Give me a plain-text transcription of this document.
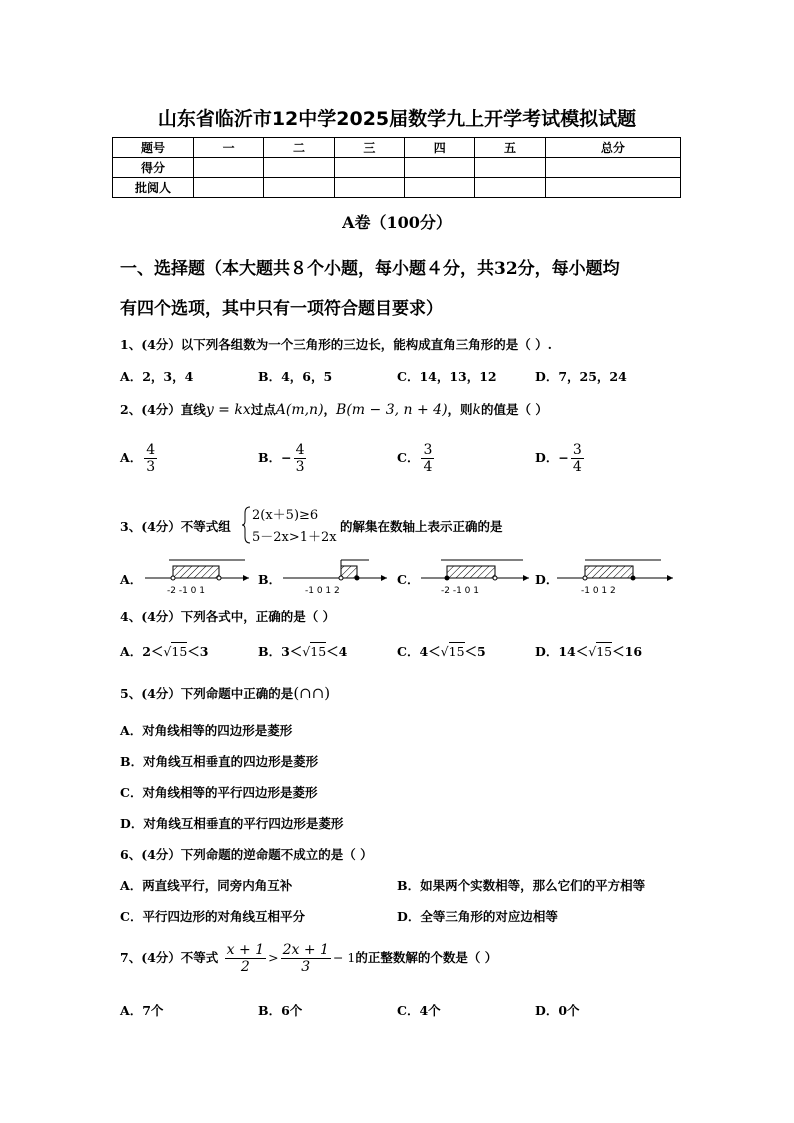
山东省临沂市12中学2025届数学九上开学考试模拟试题
题号	一	二	三	四	五	总分
得分						
批阅人						
A卷（100分）
一、选择题（本大题共８个小题，每小题４分，共32分，每小题均
有四个选项，其中只有一项符合题目要求）
1、(4分）以下列各组数为一个三角形的三边长，能构成直角三角形的是（ ）.
A．2，3，4	B．4，6，5	C．14，13，12	D．7，25，24
2、(4分）直线y = kx过点A(m,n)，B(m − 3, n + 4)，则k的值是（ ）
A． $\frac{4}{3}$	B．− $\frac{4}{3}$	C． $\frac{3}{4}$	D．− $\frac{3}{4}$
3、(4分）不等式组
2(x＋5)≥6
5－2x>1＋2x
的解集在数轴上表示正确的是
A．
-2 -1 0 1
B．
-1 0 1 2
C．
-2 -1 0 1
D．
-1 0 1 2
4、(4分）下列各式中，正确的是（ ）
A．2＜√15＜3	B．3＜√15＜4	C．4＜√15＜5	D．14＜√15＜16
5、(4分）下列命题中正确的是(∩∩)
A．对角线相等的四边形是菱形
B．对角线互相垂直的四边形是菱形
C．对角线相等的平行四边形是菱形
D．对角线互相垂直的平行四边形是菱形
6、(4分）下列命题的逆命题不成立的是（ ）
A．两直线平行，同旁内角互补	B．如果两个实数相等，那么它们的平方相等
C．平行四边形的对角线互相平分	D．全等三角形的对应边相等
7、(4分）不等式 $\frac{x + 1}{2} > \frac{2x + 1}{3} - 1$的正整数解的个数是（ ）
A．7个	B．6个	C．4个	D．0个
